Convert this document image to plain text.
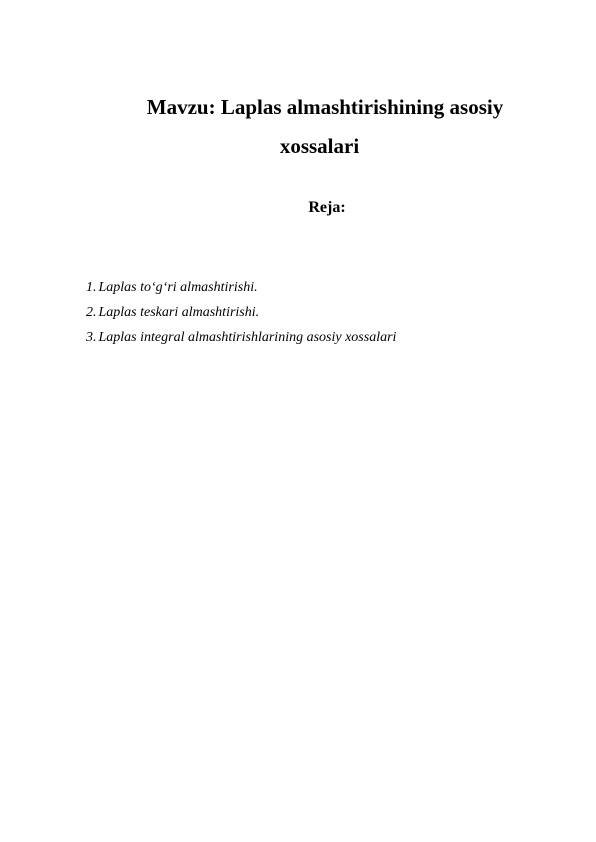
Mavzu: Laplas almashtirishining asosiy
xossalari
Reja:
1. Laplas to‘g‘ri almashtirishi.
2. Laplas teskari almashtirishi.
3. Laplas integral almashtirishlarining asosiy xossalari
